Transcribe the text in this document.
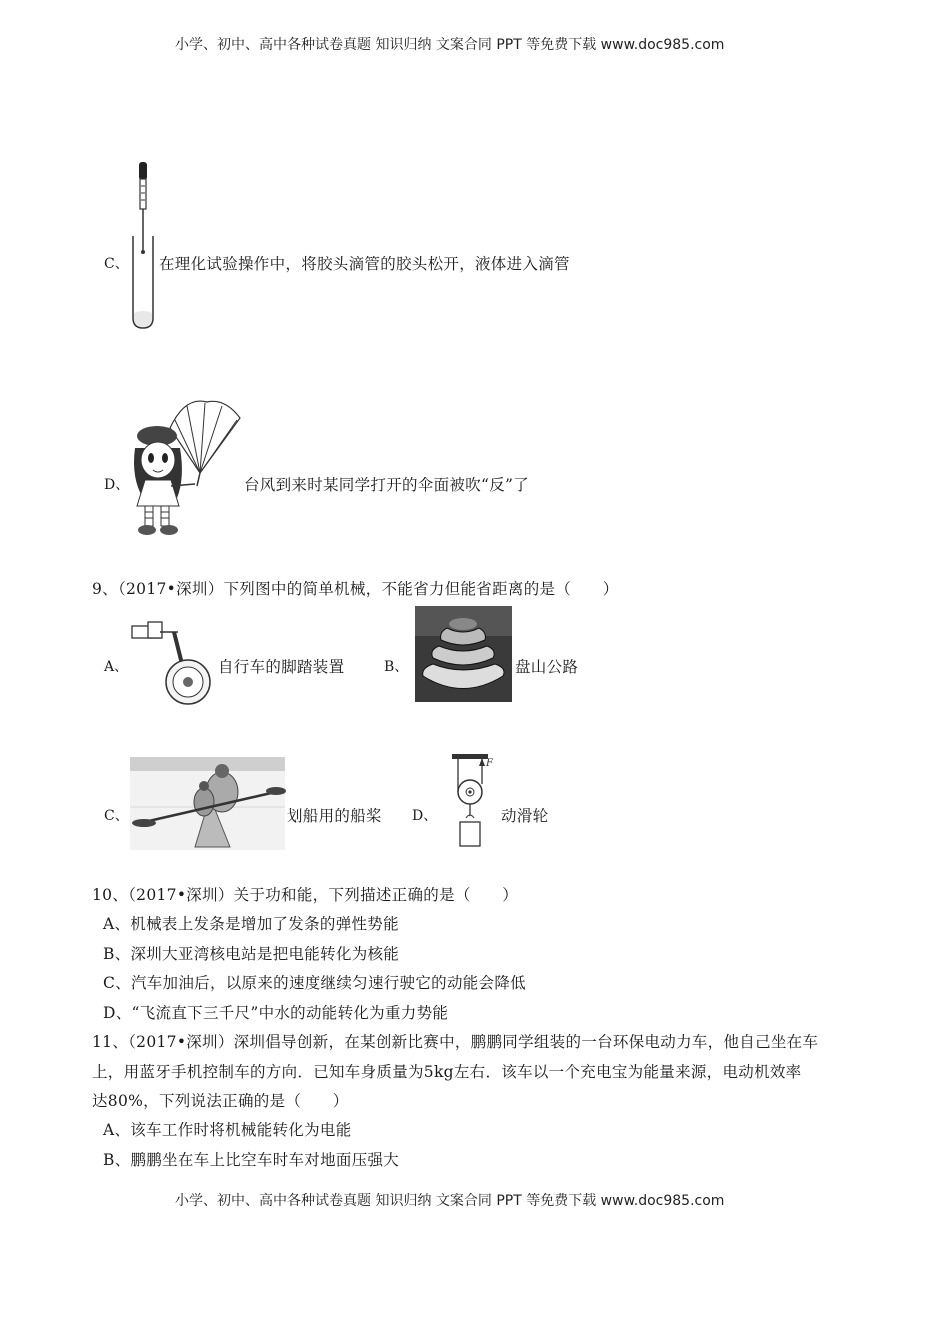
小学、初中、高中各种试卷真题 知识归纳 文案合同 PPT 等免费下载 www.doc985.com
C、 在理化试验操作中，将胶头滴管的胶头松开，液体进入滴管
D、	台风到来时某同学打开的伞面被吹“反”了
9、（2017•深圳）下列图中的简单机械，不能省力但能省距离的是（　　）
A、	自行车的脚踏装置	B、	盘山公路
C、	划船用的船桨 D、
F
动滑轮
10、（2017•深圳）关于功和能，下列描述正确的是（　　）
A、机械表上发条是增加了发条的弹性势能
B、深圳大亚湾核电站是把电能转化为核能
C、汽车加油后，以原来的速度继续匀速行驶它的动能会降低
D、“飞流直下三千尺”中水的动能转化为重力势能
11、（2017•深圳）深圳倡导创新，在某创新比赛中，鹏鹏同学组装的一台环保电动力车，他自己坐在车
上，用蓝牙手机控制车的方向．已知车身质量为5kg左右．该车以一个充电宝为能量来源，电动机效率
达80%，下列说法正确的是（　　）
A、该车工作时将机械能转化为电能
B、鹏鹏坐在车上比空车时车对地面压强大
小学、初中、高中各种试卷真题 知识归纳 文案合同 PPT 等免费下载 www.doc985.com
